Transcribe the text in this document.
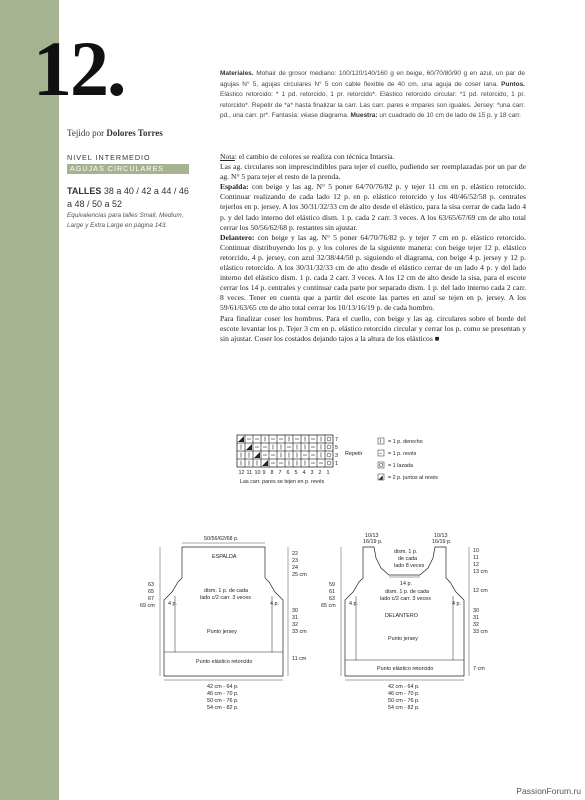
12.
Tejido por Dolores Torres
NIVEL INTERMEDIO
AGUJAS CIRCULARES
TALLES 38 a 40 / 42 a 44 / 46 a 48 / 50 a 52
Equivalencias para talles Small, Medium, Large y Extra Large en página 143.
Materiales. Mohair de grosor mediano: 100/120/140/160 g en beige, 60/70/80/90 g en azul, un par de agujas N° 5, agujas circulares N° 5 con cable flexible de 40 cm, una aguja de coser lana. Puntos. Elástico retorcido: * 1 pd. retorcido, 1 pr. retorcido*. Elástico retorcido circular: *1 pd. retorcido, 1 pr. retorcido*. Repetir de *a* hasta finalizar la carr. Las carr. pares e impares son iguales. Jersey: *una carr. pd., una carr. pr*. Fantasía: véase diagrama. Muestra: un cuadrado de 10 cm de lado de 15 p. y 18 carr.

Nota: el cambio de colores se realiza con técnica Intarsia.

Las ag. circulares son imprescindibles para tejer el cuello, pudiendo ser reemplazadas por un par de ag. N° 5 para tejer el resto de la prenda.

Espalda: con beige y las ag. N° 5 poner 64/70/76/82 p. y tejer 11 cm en p. elástico retorcido. Continuar realizando de cada lado 12 p. en p. elástico retorcido y los 40/46/52/58 p. centrales tejerlos en p. jersey. A los 30/31/32/33 cm de alto desde el elástico, para la sisa cerrar de cada lado 4 p. y del lado interno del elástico dism. 1 p. cada 2 carr. 3 veces. A los 63/65/67/69 cm de alto total cerrar los 50/56/62/68 p. restantes sin ajustar.

Delantero: con beige y las ag. N° 5 poner 64/70/76/82 p. y tejer 7 cm en p. elástico retorcido. Continuar distribuyendo los p. y los colores de la siguiente manera: con beige tejer 12 p. elástico retorcido, 4 p. jersey, con azul 32/38/44/50 p. siguiendo el diagrama, con beige 4 p. jersey y 12 p. elástico retorcido. A los 30/31/32/33 cm de alto desde el elástico cerrar de un lado 4 p. y del lado interno del elástico dism. 1 p. cada 2 carr. 3 veces. A los 12 cm de alto desde la sisa, para el escote cerrar los 14 p. centrales y continuar cada parte por separado dism. 1 p. del lado interno cada 2 carr. 8 veces. Tener en cuenta que a partir del escote las partes en azul se tejen en p. jersey. A los 59/61/63/65 cm de alto total cerrar los 10/13/16/19 p. de cada hombro.

Para finalizar coser los hombros. Para el cuello, con beige y las ag. circulares sobre el borde del escote levantar los p. Tejer 3 cm en p. elástico retorcido circular y cerrar los p. como se presentan y sin ajustar. Coser los costados dejando tajos a la altura de los elásticos ■

7
5
3
1
12 11 10 9 8 7 6 5 4 3 2 1
Repetir
Las carr. pares se tejen en p. revés
I = 1 p. derecho
– = 1 p. revés
O = 1 lazada
◢ = 2 p. juntos al revés
50/56/62/68 p.
ESPALDA
dism. 1 p. de cada
lado c/2 carr. 3 veces
4 p.	4 p.
22
23
24
25 cm
30
31
32
33 cm
63
65
67
69 cm
Punto jersey
Punto elástico retorcido	11 cm
42 cm - 64 p.
46 cm - 70 p.
50 cm - 76 p.
54 cm - 82 p.
10/13
16/19 p.
10/13
16/19 p.
dism. 1 p.
de cada
lado 8 veces
14 p.
dism. 1 p. de cada
lado c/2 carr. 3 veces
4 p.	4 p.
10
11
12
13 cm
12 cm
30
31
32
33 cm
59
61
63
65 cm
DELANTERO
Punto jersey
Punto elástico retorcido	7 cm
42 cm - 64 p.
46 cm - 70 p.
50 cm - 76 p.
54 cm - 82 p.
PassionForum.ru
